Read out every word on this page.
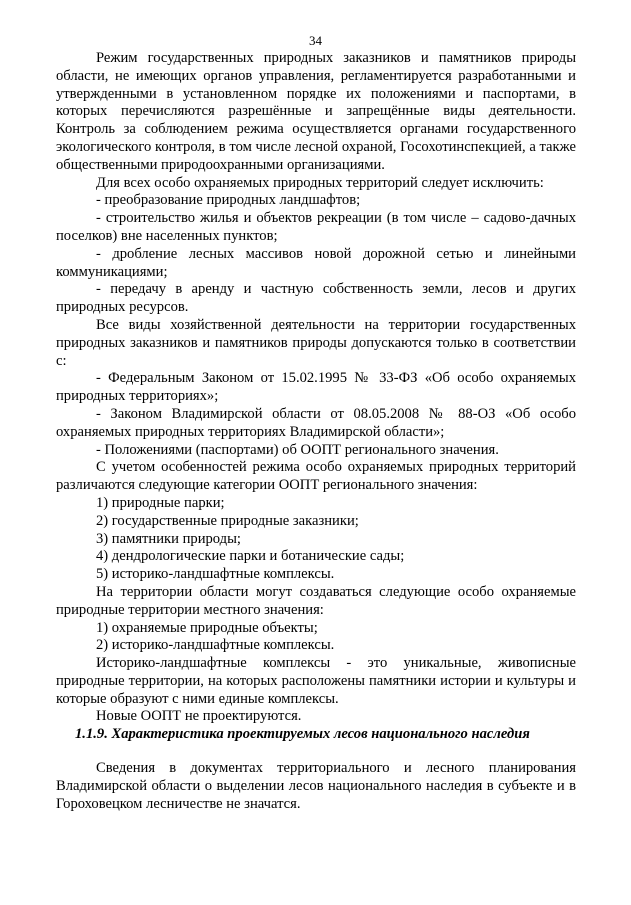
34

Режим государственных природных заказников и памятников природы области, не имеющих органов управления, регламентируется разработанными и утвержденными в установленном порядке их положениями и паспортами, в которых перечисляются разрешённые и запрещённые виды деятельности. Контроль за соблюдением режима осуществляется органами государственного экологического контроля, в том числе лесной охраной, Госохотинспекцией, а также общественными природоохранными организациями.

Для всех особо охраняемых природных территорий следует исключить:

- преобразование природных ландшафтов;

- строительство жилья и объектов рекреации (в том числе – садово-дачных поселков) вне населенных пунктов;

- дробление лесных массивов новой дорожной сетью и линейными коммуникациями;

- передачу в аренду и частную собственность земли, лесов и других природных ресурсов.

Все виды хозяйственной деятельности на территории государственных природных заказников и памятников природы допускаются только в соответствии с:

- Федеральным Законом от 15.02.1995 № 33-ФЗ «Об особо охраняемых природных территориях»;

- Законом Владимирской области от 08.05.2008 № 88-ОЗ «Об особо охраняемых природных территориях Владимирской области»;

- Положениями (паспортами) об ООПТ регионального значения.

С учетом особенностей режима особо охраняемых природных территорий различаются следующие категории ООПТ регионального значения:

1) природные парки;

2) государственные природные заказники;

3) памятники природы;

4) дендрологические парки и ботанические сады;

5) историко-ландшафтные комплексы.

На территории области могут создаваться следующие особо охраняемые природные территории местного значения:

1) охраняемые природные объекты;

2) историко-ландшафтные комплексы.

Историко-ландшафтные комплексы - это уникальные, живописные природные территории, на которых расположены памятники истории и культуры и которые образуют с ними единые комплексы.

Новые ООПТ не проектируются.

1.1.9. Характеристика проектируемых лесов национального наследия

Сведения в документах территориального и лесного планирования Владимирской области о выделении лесов национального наследия в субъекте и в Гороховецком лесничестве не значатся.
